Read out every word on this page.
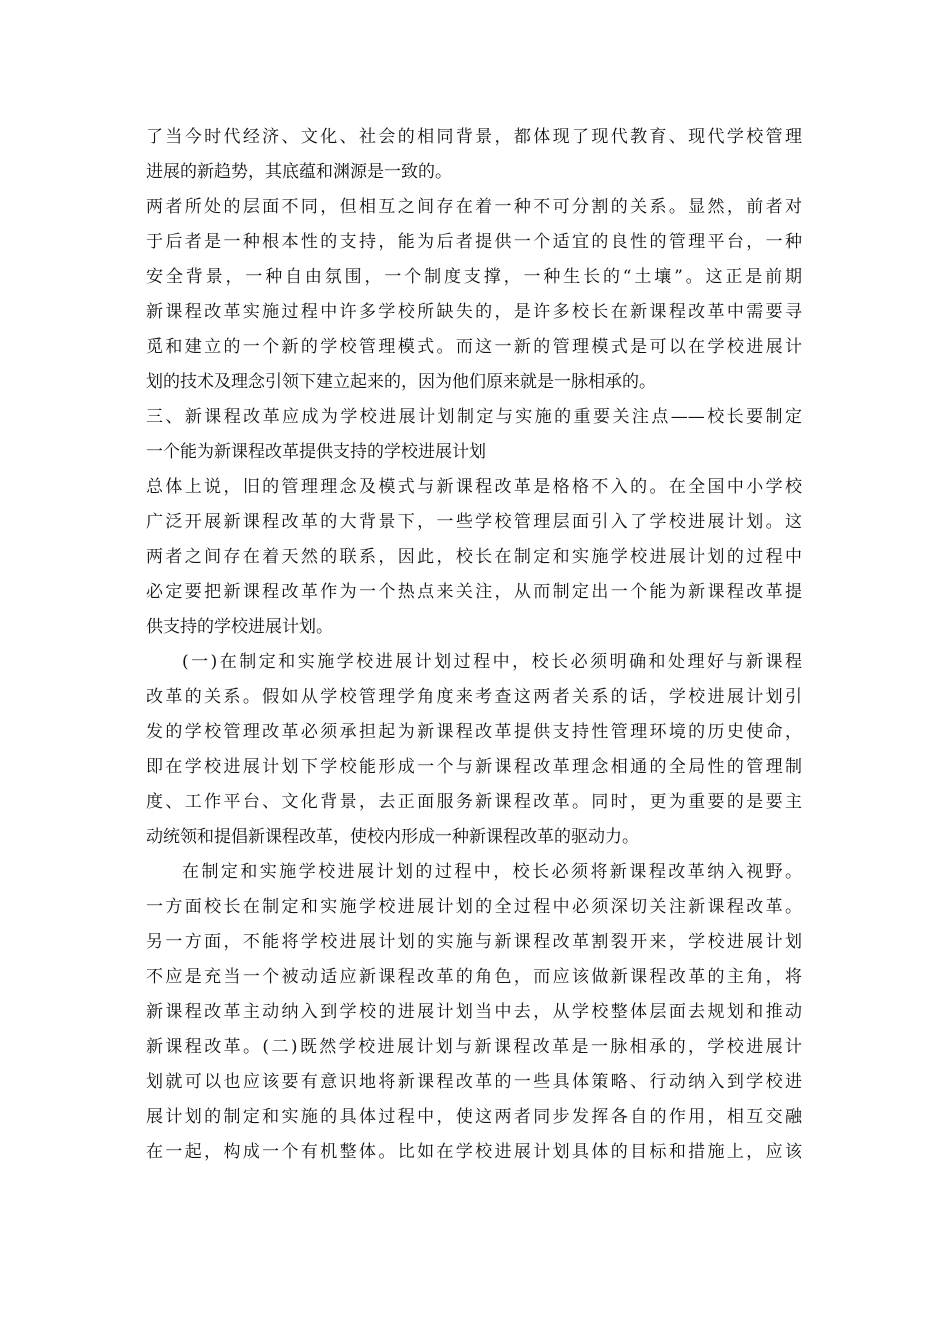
了当今时代经济、文化、社会的相同背景，都体现了现代教育、现代学校管理
进展的新趋势，其底蕴和渊源是一致的。
两者所处的层面不同，但相互之间存在着一种不可分割的关系。显然，前者对
于后者是一种根本性的支持，能为后者提供一个适宜的良性的管理平台，一种
安全背景，一种自由氛围，一个制度支撑，一种生长的“土壤”。这正是前期
新课程改革实施过程中许多学校所缺失的，是许多校长在新课程改革中需要寻
觅和建立的一个新的学校管理模式。而这一新的管理模式是可以在学校进展计
划的技术及理念引领下建立起来的，因为他们原来就是一脉相承的。
三、新课程改革应成为学校进展计划制定与实施的重要关注点——校长要制定
一个能为新课程改革提供支持的学校进展计划
总体上说，旧的管理理念及模式与新课程改革是格格不入的。在全国中小学校
广泛开展新课程改革的大背景下，一些学校管理层面引入了学校进展计划。这
两者之间存在着天然的联系，因此，校长在制定和实施学校进展计划的过程中
必定要把新课程改革作为一个热点来关注，从而制定出一个能为新课程改革提
供支持的学校进展计划。
(一)在制定和实施学校进展计划过程中，校长必须明确和处理好与新课程
改革的关系。假如从学校管理学角度来考查这两者关系的话，学校进展计划引
发的学校管理改革必须承担起为新课程改革提供支持性管理环境的历史使命，
即在学校进展计划下学校能形成一个与新课程改革理念相通的全局性的管理制
度、工作平台、文化背景，去正面服务新课程改革。同时，更为重要的是要主
动统领和提倡新课程改革，使校内形成一种新课程改革的驱动力。
在制定和实施学校进展计划的过程中，校长必须将新课程改革纳入视野。
一方面校长在制定和实施学校进展计划的全过程中必须深切关注新课程改革。
另一方面，不能将学校进展计划的实施与新课程改革割裂开来，学校进展计划
不应是充当一个被动适应新课程改革的角色，而应该做新课程改革的主角，将
新课程改革主动纳入到学校的进展计划当中去，从学校整体层面去规划和推动
新课程改革。(二)既然学校进展计划与新课程改革是一脉相承的，学校进展计
划就可以也应该要有意识地将新课程改革的一些具体策略、行动纳入到学校进
展计划的制定和实施的具体过程中，使这两者同步发挥各自的作用，相互交融
在一起，构成一个有机整体。比如在学校进展计划具体的目标和措施上，应该
